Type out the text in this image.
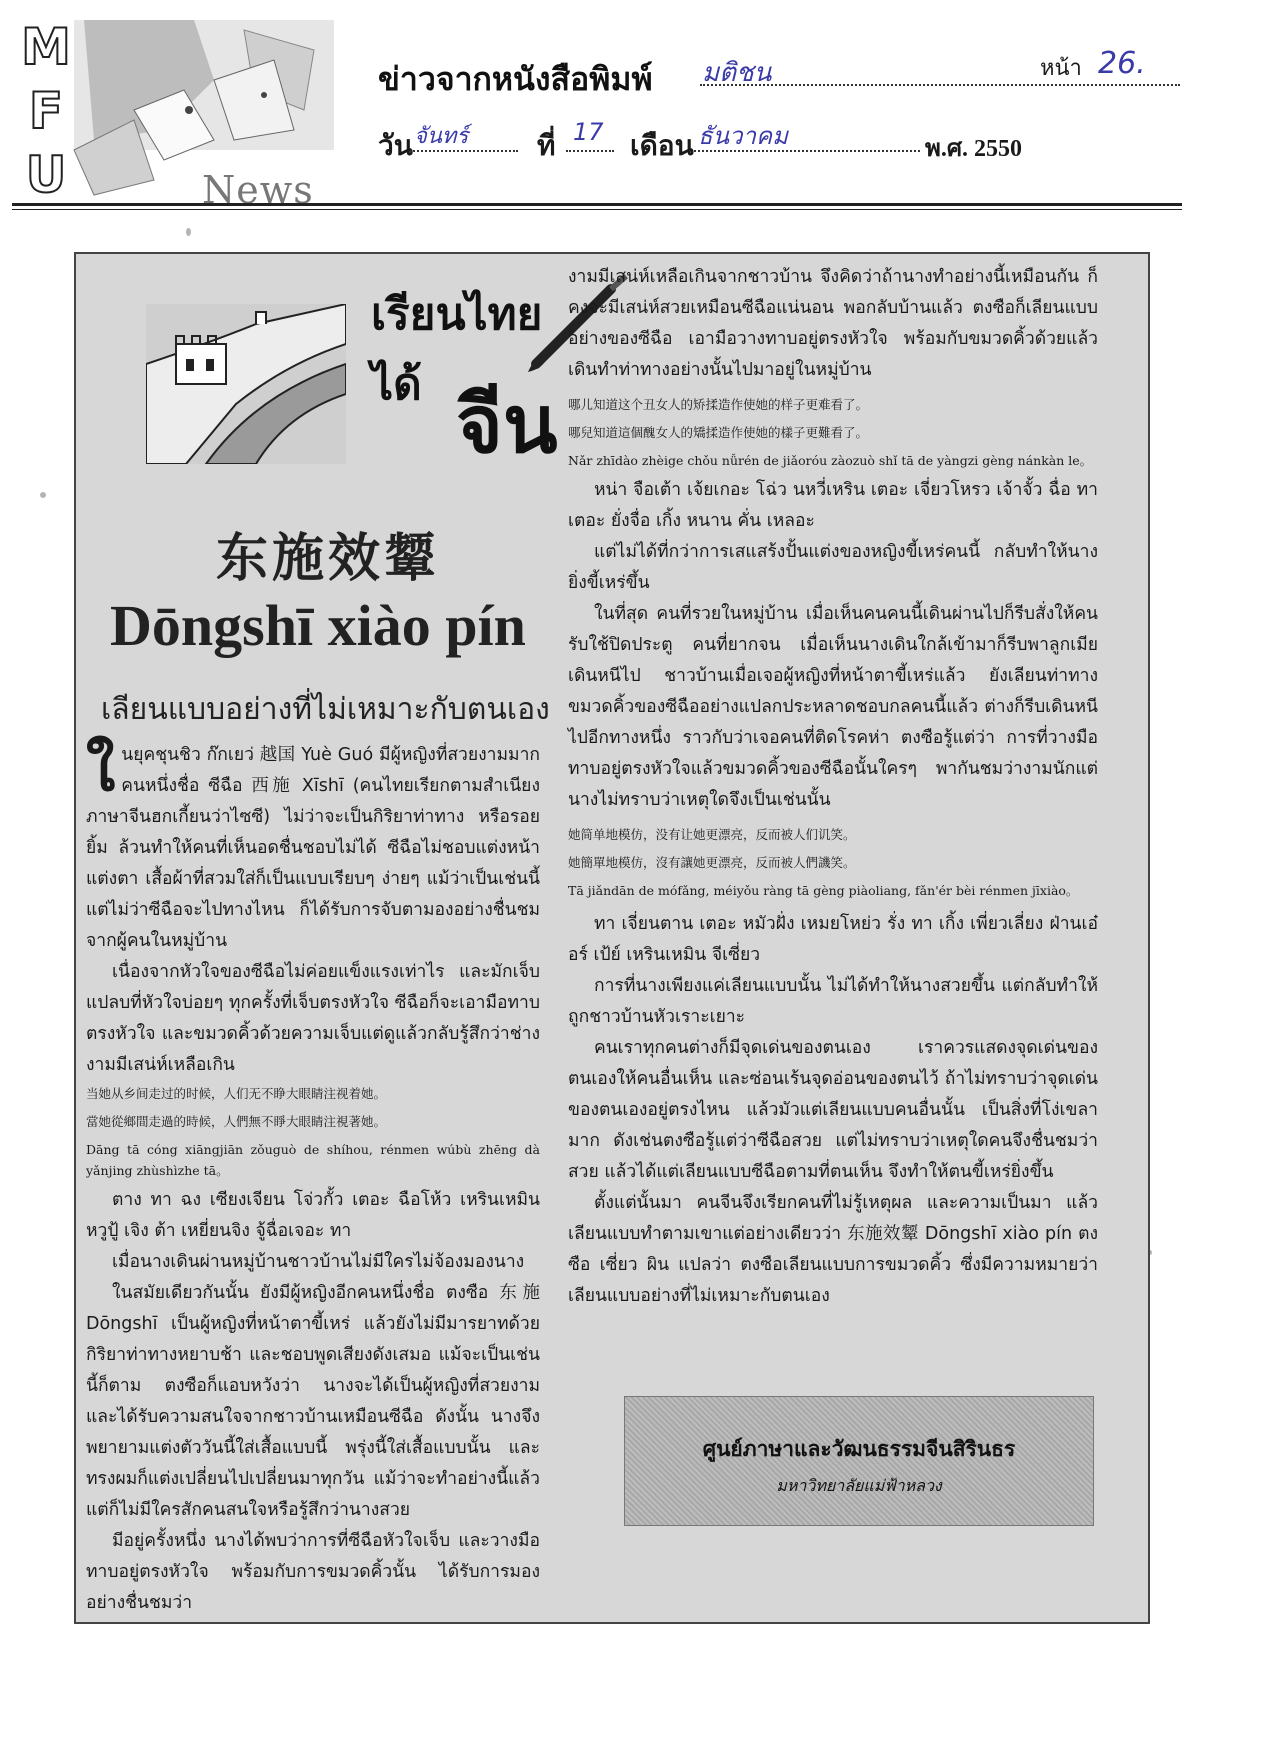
M
F
U	News
ข่าวจากหนังสือพิมพ์ มติชน	หน้า 26.
วัน จันทร์ ที่ 17 เดือน ธันวาคม	พ.ศ. 2550
เรียนไทย
ได้ จีน
东施效颦
Dōngshī xiào pín
เลียนแบบอย่างที่ไม่เหมาะกับตนเอง

ในยุคชุนชิว ก๊กเยว่ 越国 Yuè Guó มีผู้หญิงที่สวยงามมากคนหนึ่งชื่อ ซีฉือ 西施 Xīshī (คนไทยเรียกตามสำเนียงภาษาจีนฮกเกี้ยนว่าไซซี) ไม่ว่าจะเป็นกิริยาท่าทาง หรือรอยยิ้ม ล้วนทำให้คนที่เห็นอดชื่นชอบไม่ได้ ซีฉือไม่ชอบแต่งหน้าแต่งตา เสื้อผ้าที่สวมใส่ก็เป็นแบบเรียบๆ ง่ายๆ แม้ว่าเป็นเช่นนี้ แต่ไม่ว่าซีฉือจะไปทางไหน ก็ได้รับการจับตามองอย่างชื่นชมจากผู้คนในหมู่บ้าน

เนื่องจากหัวใจของซีฉือไม่ค่อยแข็งแรงเท่าไร และมักเจ็บแปลบที่หัวใจบ่อยๆ ทุกครั้งที่เจ็บตรงหัวใจ ซีฉือก็จะเอามือทาบตรงหัวใจ และขมวดคิ้วด้วยความเจ็บแต่ดูแล้วกลับรู้สึกว่าช่างงามมีเสน่ห์เหลือเกิน

当她从乡间走过的时候，人们无不睁大眼睛注视着她。
當她從鄉間走過的時候，人們無不睜大眼睛注視著她。
Dāng tā cóng xiāngjiān zǒuguò de shíhou, rénmen wúbù zhēng dà yǎnjing zhùshìzhe tā。

ตาง ทา ฉง เซียงเจียน โจ่วกั้ว เตอะ ฉือโห้ว เหรินเหมิน หวูปู้ เจิง ต้า เหยี่ยนจิง จู้ฉื่อเจอะ ทา

เมื่อนางเดินผ่านหมู่บ้านชาวบ้านไม่มีใครไม่จ้องมองนาง

ในสมัยเดียวกันนั้น ยังมีผู้หญิงอีกคนหนึ่งชื่อ ตงซือ 东施 Dōngshī เป็นผู้หญิงที่หน้าตาขี้เหร่ แล้วยังไม่มีมารยาทด้วย กิริยาท่าทางหยาบช้า และชอบพูดเสียงดังเสมอ แม้จะเป็นเช่นนี้ก็ตาม ตงซือก็แอบหวังว่า นางจะได้เป็นผู้หญิงที่สวยงาม และได้รับความสนใจจากชาวบ้านเหมือนซีฉือ ดังนั้น นางจึงพยายามแต่งตัววันนี้ใส่เสื้อแบบนี้ พรุ่งนี้ใส่เสื้อแบบนั้น และทรงผมก็แต่งเปลี่ยนไปเปลี่ยนมาทุกวัน แม้ว่าจะทำอย่างนี้แล้ว แต่ก็ไม่มีใครสักคนสนใจหรือรู้สึกว่านางสวย

มีอยู่ครั้งหนึ่ง นางได้พบว่าการที่ซีฉือหัวใจเจ็บ และวางมือทาบอยู่ตรงหัวใจ พร้อมกับการขมวดคิ้วนั้น ได้รับการมองอย่างชื่นชมว่า

งามมีเสน่ห์เหลือเกินจากชาวบ้าน จึงคิดว่าถ้านางทำอย่างนี้เหมือนกัน ก็คงจะมีเสน่ห์สวยเหมือนซีฉือแน่นอน พอกลับบ้านแล้ว ตงซือก็เลียนแบบอย่างของซีฉือ เอามือวางทาบอยู่ตรงหัวใจ พร้อมกับขมวดคิ้วด้วยแล้วเดินทำท่าทางอย่างนั้นไปมาอยู่ในหมู่บ้าน

哪儿知道这个丑女人的矫揉造作使她的样子更难看了。
哪兒知道這個醜女人的矯揉造作使她的樣子更難看了。
Nǎr zhīdào zhèige chǒu nǚrén de jiǎoróu zàozuò shǐ tā de yàngzi gèng nánkàn le。

หน่า จือเต้า เจ้ยเกอะ โฉ่ว นหวี่เหริน เตอะ เจี่ยวโหรว เจ้าจั้ว ฉื่อ ทา เตอะ ยั่งจื่อ เกิ้ง หนาน คั่น เหลอะ

แต่ไม่ได้ที่กว่าการเสแสร้งปั้นแต่งของหญิงขี้เหร่คนนี้ กลับทำให้นางยิ่งขี้เหร่ขึ้น

ในที่สุด คนที่รวยในหมู่บ้าน เมื่อเห็นคนคนนี้เดินผ่านไปก็รีบสั่งให้คนรับใช้ปิดประตู คนที่ยากจน เมื่อเห็นนางเดินใกล้เข้ามาก็รีบพาลูกเมียเดินหนีไป ชาวบ้านเมื่อเจอผู้หญิงที่หน้าตาขี้เหร่แล้ว ยังเลียนท่าทางขมวดคิ้วของซีฉืออย่างแปลกประหลาดชอบกลคนนี้แล้ว ต่างก็รีบเดินหนีไปอีกทางหนึ่ง ราวกับว่าเจอคนที่ติดโรคห่า ตงซือรู้แต่ว่า การที่วางมือทาบอยู่ตรงหัวใจแล้วขมวดคิ้วของซีฉือนั้นใครๆ พากันชมว่างามนักแต่นางไม่ทราบว่าเหตุใดจึงเป็นเช่นนั้น

她简单地模仿，没有让她更漂亮，反而被人们讥笑。
她簡單地模仿，沒有讓她更漂亮，反而被人們譏笑。
Tā jiǎndān de mófǎng, méiyǒu ràng tā gèng piàoliang, fǎn'ér bèi rénmen jīxiào。

ทา เจี่ยนตาน เตอะ หมัวฝั่ง เหมยโหย่ว รั่ง ทา เกิ้ง เพี่ยวเลี่ยง ฝ่านเอ๋อร์ เป้ย์ เหรินเหมิน จีเซี่ยว

การที่นางเพียงแค่เลียนแบบนั้น ไม่ได้ทำให้นางสวยขึ้น แต่กลับทำให้ถูกชาวบ้านหัวเราะเยาะ

คนเราทุกคนต่างก็มีจุดเด่นของตนเอง เราควรแสดงจุดเด่นของตนเองให้คนอื่นเห็น และซ่อนเร้นจุดอ่อนของตนไว้ ถ้าไม่ทราบว่าจุดเด่นของตนเองอยู่ตรงไหน แล้วมัวแต่เลียนแบบคนอื่นนั้น เป็นสิ่งที่โง่เขลามาก ดังเช่นตงซือรู้แต่ว่าซีฉือสวย แต่ไม่ทราบว่าเหตุใดคนจึงชื่นชมว่าสวย แล้วได้แต่เลียนแบบซีฉือตามที่ตนเห็น จึงทำให้ตนขี้เหร่ยิ่งขึ้น

ตั้งแต่นั้นมา คนจีนจึงเรียกคนที่ไม่รู้เหตุผล และความเป็นมา แล้วเลียนแบบทำตามเขาแต่อย่างเดียวว่า 东施效颦 Dōngshī xiào pín ตงซือ เซี่ยว ผิน แปลว่า ตงซือเลียนแบบการขมวดคิ้ว ซึ่งมีความหมายว่า เลียนแบบอย่างที่ไม่เหมาะกับตนเอง

ศูนย์ภาษาและวัฒนธรรมจีนสิรินธร
มหาวิทยาลัยแม่ฟ้าหลวง
